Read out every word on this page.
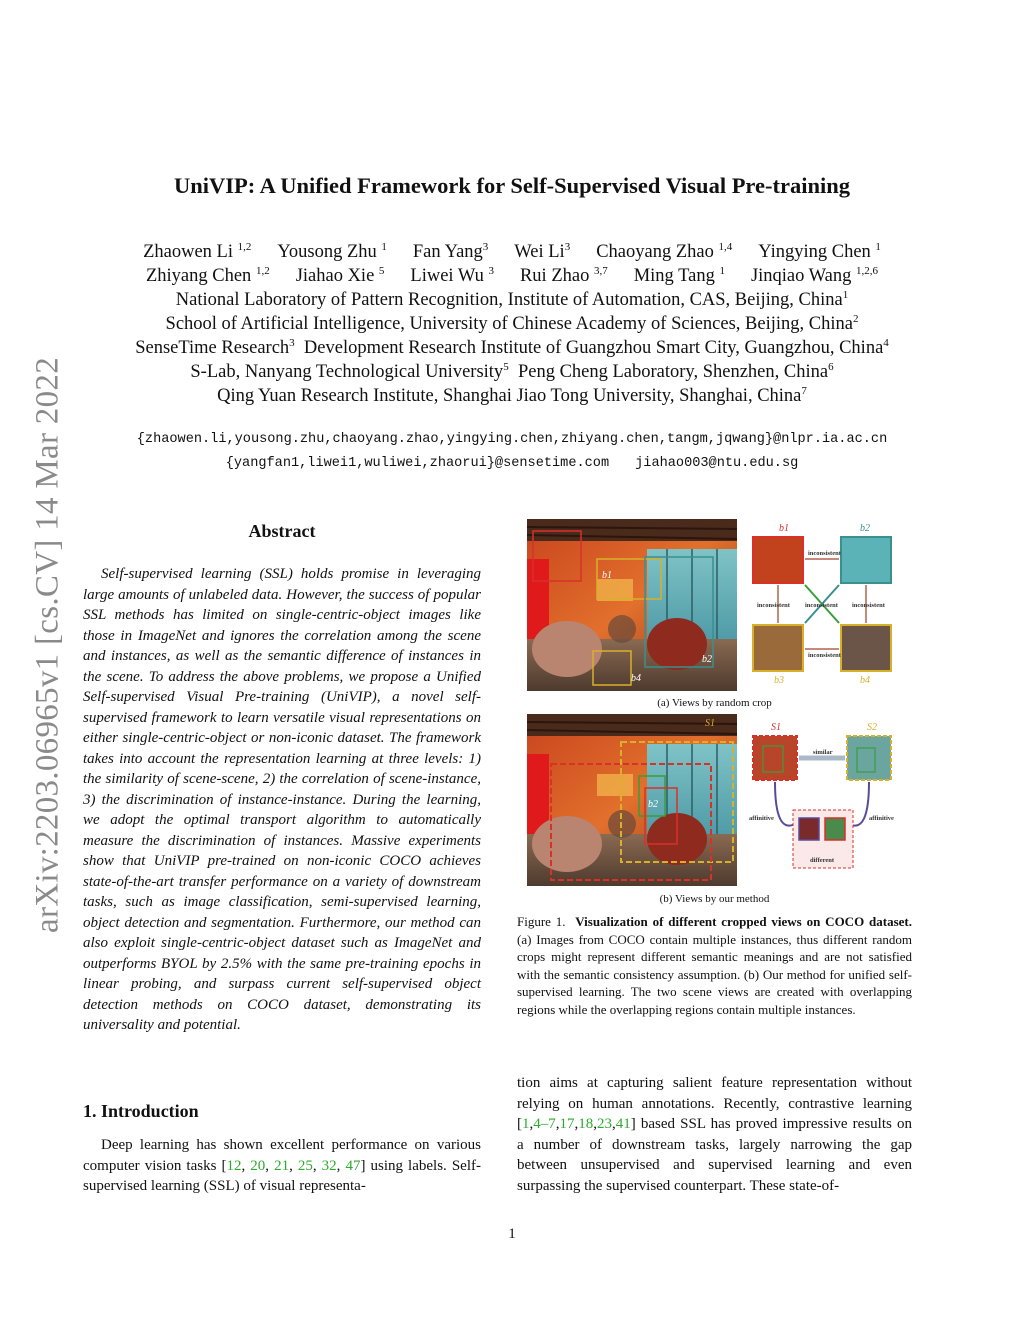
arXiv:2203.06965v1 [cs.CV] 14 Mar 2022
UniVIP: A Unified Framework for Self-Supervised Visual Pre-training
Zhaowen Li $^{1,2}$ Yousong Zhu $^1$ Fan Yang$^3$ Wei Li$^3$ Chaoyang Zhao $^{1,4}$ Yingying Chen $^1$
Zhiyang Chen $^{1,2}$ Jiahao Xie $^5$ Liwei Wu $^3$ Rui Zhao $^{3,7}$ Ming Tang $^1$ Jinqiao Wang $^{1,2,6}$
National Laboratory of Pattern Recognition, Institute of Automation, CAS, Beijing, China$^1$
School of Artificial Intelligence, University of Chinese Academy of Sciences, Beijing, China$^2$
SenseTime Research$^3$ Development Research Institute of Guangzhou Smart City, Guangzhou, China$^4$
S-Lab, Nanyang Technological University$^5$ Peng Cheng Laboratory, Shenzhen, China$^6$
Qing Yuan Research Institute, Shanghai Jiao Tong University, Shanghai, China$^7$
{zhaowen.li,yousong.zhu,chaoyang.zhao,yingying.chen,zhiyang.chen,tangm,jqwang}@nlpr.ia.ac.cn
{yangfan1,liwei1,wuliwei,zhaorui}@sensetime.com jiahao003@ntu.edu.sg
Abstract
Self-supervised learning (SSL) holds promise in leveraging large amounts of unlabeled data. However, the success of popular SSL methods has limited on single-centric-object images like those in ImageNet and ignores the correlation among the scene and instances, as well as the semantic difference of instances in the scene. To address the above problems, we propose a Unified Self-supervised Visual Pre-training (UniVIP), a novel self-supervised framework to learn versatile visual representations on either single-centric-object or non-iconic dataset. The framework takes into account the representation learning at three levels: 1) the similarity of scene-scene, 2) the correlation of scene-instance, 3) the discrimination of instance-instance. During the learning, we adopt the optimal transport algorithm to automatically measure the discrimination of instances. Massive experiments show that UniVIP pre-trained on non-iconic COCO achieves state-of-the-art transfer performance on a variety of downstream tasks, such as image classification, semi-supervised learning, object detection and segmentation. Furthermore, our method can also exploit single-centric-object dataset such as ImageNet and outperforms BYOL by 2.5% with the same pre-training epochs in linear probing, and surpass current self-supervised object detection methods on COCO dataset, demonstrating its universality and potential.
1. Introduction
Deep learning has shown excellent performance on various computer vision tasks [12, 20, 21, 25, 32, 47] using labels. Self-supervised learning (SSL) of visual representa-
tion aims at capturing salient feature representation without relying on human annotations. Recently, contrastive learning [1,4–7,17,18,23,41] based SSL has proved impressive results on a number of downstream tasks, largely narrowing the gap between unsupervised and supervised learning and even surpassing the supervised counterpart. These state-of-
b1
b2
b4
b1	b2
b3	b4
inconsistent
inconsistent inconsistent inconsistent
inconsistent
(a) Views by random crop
S1
b2
S1	S2
similar
affinitive	affinitive
different
(b) Views by our method
Figure 1. Visualization of different cropped views on COCO dataset. (a) Images from COCO contain multiple instances, thus different random crops might represent different semantic meanings and are not satisfied with the semantic consistency assumption. (b) Our method for unified self-supervised learning. The two scene views are created with overlapping regions while the overlapping regions contain multiple instances.
1
